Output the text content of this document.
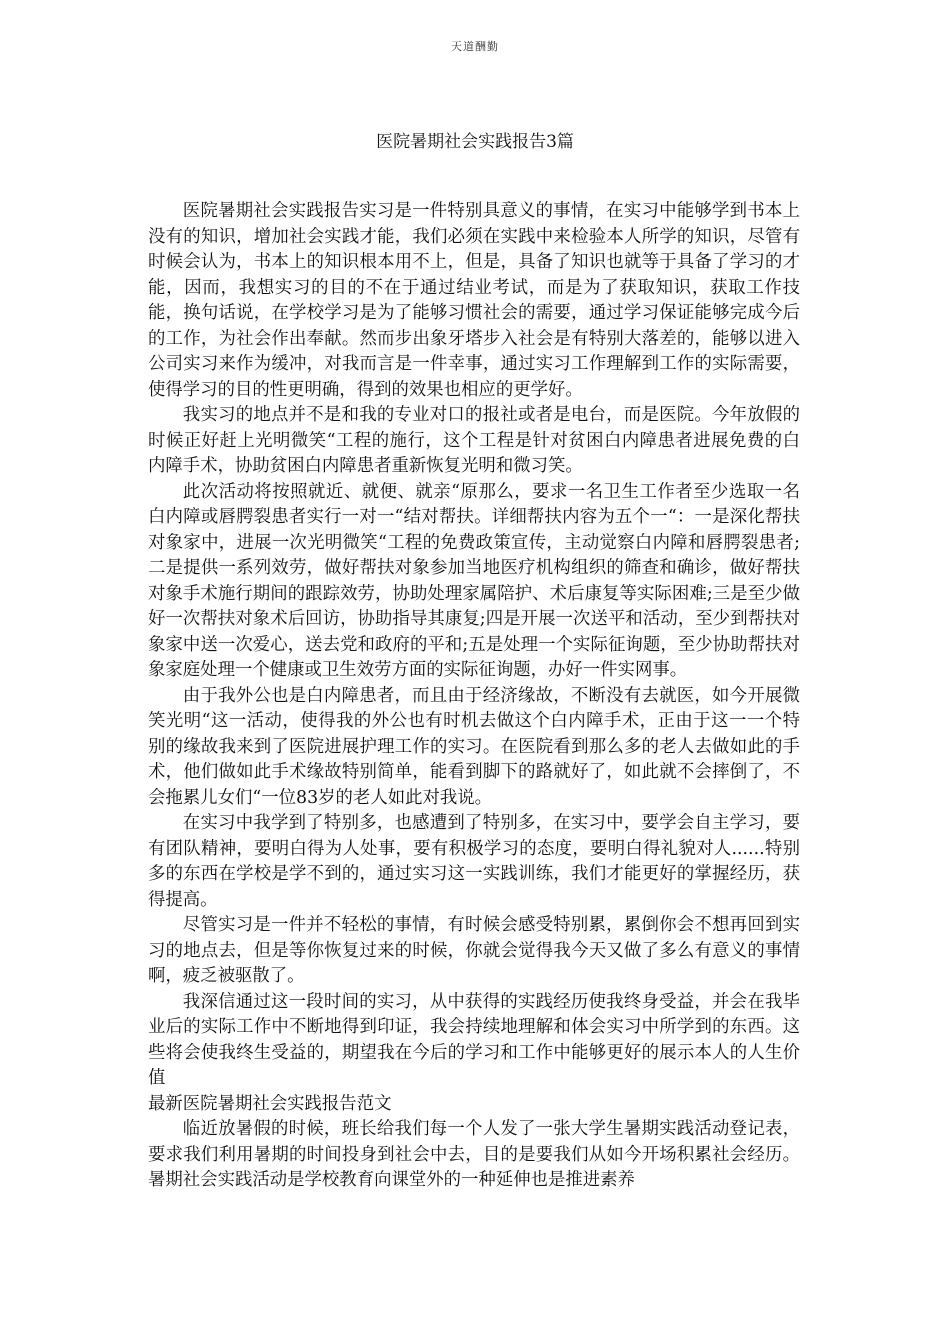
天道酬勤
医院暑期社会实践报告3篇

医院暑期社会实践报告实习是一件特别具意义的事情，在实习中能够学到书本上没有的知识，增加社会实践才能，我们必须在实践中来检验本人所学的知识，尽管有时候会认为，书本上的知识根本用不上，但是，具备了知识也就等于具备了学习的才能，因而，我想实习的目的不在于通过结业考试，而是为了获取知识，获取工作技能，换句话说，在学校学习是为了能够习惯社会的需要，通过学习保证能够完成今后的工作，为社会作出奉献。然而步出象牙塔步入社会是有特别大落差的，能够以进入公司实习来作为缓冲，对我而言是一件幸事，通过实习工作理解到工作的实际需要，使得学习的目的性更明确，得到的效果也相应的更学好。

我实习的地点并不是和我的专业对口的报社或者是电台，而是医院。今年放假的时候正好赶上光明微笑“工程的施行，这个工程是针对贫困白内障患者进展免费的白内障手术，协助贫困白内障患者重新恢复光明和微习笑。

此次活动将按照就近、就便、就亲“原那么，要求一名卫生工作者至少选取一名白内障或唇腭裂患者实行一对一“结对帮扶。详细帮扶内容为五个一“：一是深化帮扶对象家中，进展一次光明微笑“工程的免费政策宣传，主动觉察白内障和唇腭裂患者;二是提供一系列效劳，做好帮扶对象参加当地医疗机构组织的筛查和确诊，做好帮扶对象手术施行期间的跟踪效劳，协助处理家属陪护、术后康复等实际困难;三是至少做好一次帮扶对象术后回访，协助指导其康复;四是开展一次送平和活动，至少到帮扶对象家中送一次爱心，送去党和政府的平和;五是处理一个实际征询题，至少协助帮扶对象家庭处理一个健康或卫生效劳方面的实际征询题，办好一件实网事。

由于我外公也是白内障患者，而且由于经济缘故，不断没有去就医，如今开展微笑光明“这一活动，使得我的外公也有时机去做这个白内障手术，正由于这一一个特别的缘故我来到了医院进展护理工作的实习。在医院看到那么多的老人去做如此的手术，他们做如此手术缘故特别简单，能看到脚下的路就好了，如此就不会摔倒了，不会拖累儿女们“一位83岁的老人如此对我说。

在实习中我学到了特别多，也感遭到了特别多，在实习中，要学会自主学习，要有团队精神，要明白得为人处事，要有积极学习的态度，要明白得礼貌对人......特别多的东西在学校是学不到的，通过实习这一实践训练，我们才能更好的掌握经历，获得提高。

尽管实习是一件并不轻松的事情，有时候会感受特别累，累倒你会不想再回到实习的地点去，但是等你恢复过来的时候，你就会觉得我今天又做了多么有意义的事情啊，疲乏被驱散了。

我深信通过这一段时间的实习，从中获得的实践经历使我终身受益，并会在我毕业后的实际工作中不断地得到印证，我会持续地理解和体会实习中所学到的东西。这些将会使我终生受益的，期望我在今后的学习和工作中能够更好的展示本人的人生价值

最新医院暑期社会实践报告范文

临近放暑假的时候，班长给我们每一个人发了一张大学生暑期实践活动登记表，要求我们利用暑期的时间投身到社会中去，目的是要我们从如今开场积累社会经历。暑期社会实践活动是学校教育向课堂外的一种延伸也是推进素养
